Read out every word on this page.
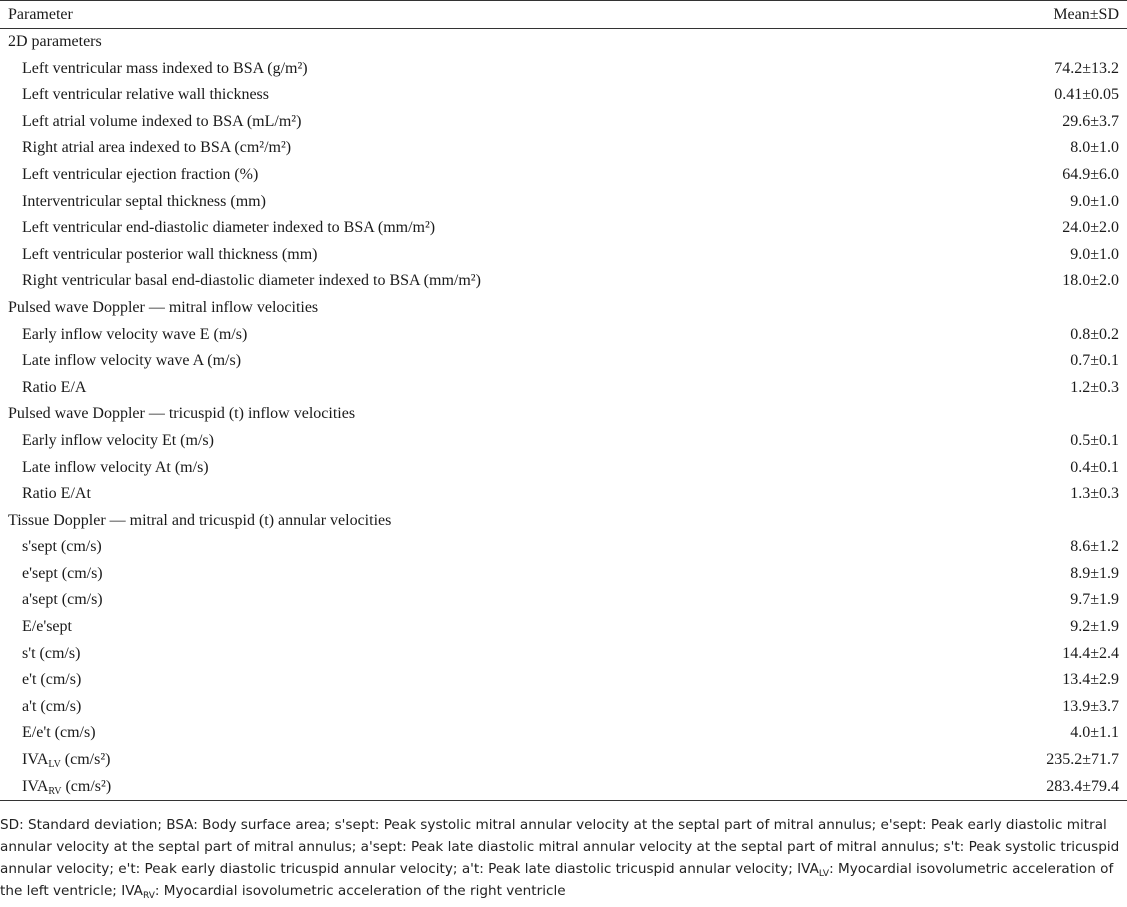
Parameter	Mean±SD
2D parameters
Left ventricular mass indexed to BSA (g/m²)	74.2±13.2
Left ventricular relative wall thickness	0.41±0.05
Left atrial volume indexed to BSA (mL/m²)	29.6±3.7
Right atrial area indexed to BSA (cm²/m²)	8.0±1.0
Left ventricular ejection fraction (%)	64.9±6.0
Interventricular septal thickness (mm)	9.0±1.0
Left ventricular end-diastolic diameter indexed to BSA (mm/m²)	24.0±2.0
Left ventricular posterior wall thickness (mm)	9.0±1.0
Right ventricular basal end-diastolic diameter indexed to BSA (mm/m²)	18.0±2.0
Pulsed wave Doppler — mitral inflow velocities
Early inflow velocity wave E (m/s)	0.8±0.2
Late inflow velocity wave A (m/s)	0.7±0.1
Ratio E/A	1.2±0.3
Pulsed wave Doppler — tricuspid (t) inflow velocities
Early inflow velocity Et (m/s)	0.5±0.1
Late inflow velocity At (m/s)	0.4±0.1
Ratio E/At	1.3±0.3
Tissue Doppler — mitral and tricuspid (t) annular velocities
s'sept (cm/s)	8.6±1.2
e'sept (cm/s)	8.9±1.9
a'sept (cm/s)	9.7±1.9
E/e'sept	9.2±1.9
s't (cm/s)	14.4±2.4
e't (cm/s)	13.4±2.9
a't (cm/s)	13.9±3.7
E/e't (cm/s)	4.0±1.1
$IVA_{LV}$ (cm/s²)	235.2±71.7
$IVA_{RV}$ (cm/s²)	283.4±79.4
SD: Standard deviation; BSA: Body surface area; s'sept: Peak systolic mitral annular velocity at the septal part of mitral annulus; e'sept: Peak early diastolic mitral annular velocity at the septal part of mitral annulus; a'sept: Peak late diastolic mitral annular velocity at the septal part of mitral annulus; s't: Peak systolic tricuspid annular velocity; e't: Peak early diastolic tricuspid annular velocity; a't: Peak late diastolic tricuspid annular velocity; $IVA_{LV}$: Myocardial isovolumetric acceleration of the left ventricle; $IVA_{RV}$: Myocardial isovolumetric acceleration of the right ventricle
